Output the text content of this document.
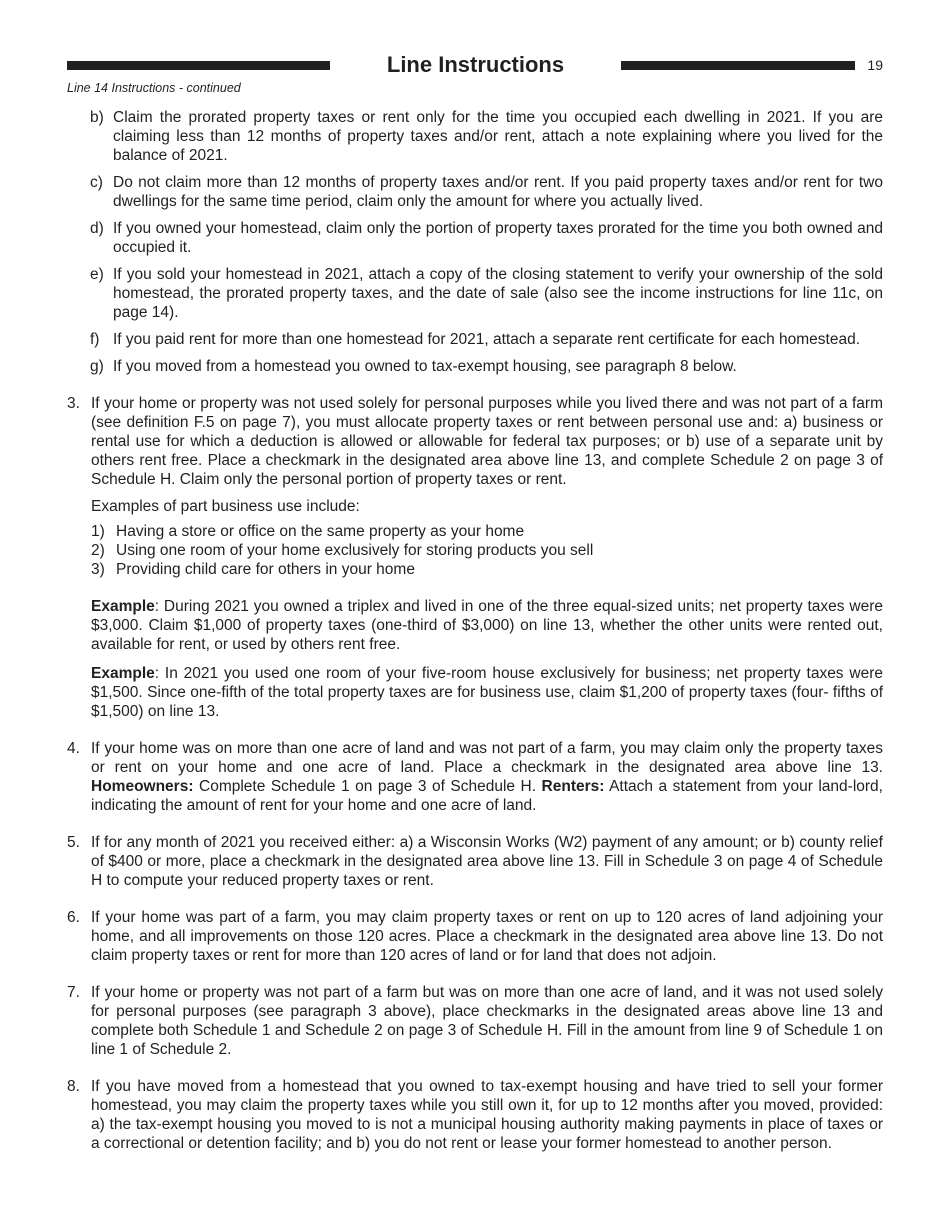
Line Instructions	19
Line 14 Instructions - continued
b) Claim the prorated property taxes or rent only for the time you occupied each dwelling in 2021. If you are claiming less than 12 months of property taxes and/or rent, attach a note explaining where you lived for the balance of 2021.
c) Do not claim more than 12 months of property taxes and/or rent. If you paid property taxes and/or rent for two dwellings for the same time period, claim only the amount for where you actually lived.
d) If you owned your homestead, claim only the portion of property taxes prorated for the time you both owned and occupied it.
e) If you sold your homestead in 2021, attach a copy of the closing statement to verify your ownership of the sold homestead, the prorated property taxes, and the date of sale (also see the income instructions for line 11c, on page 14).
f) If you paid rent for more than one homestead for 2021, attach a separate rent certificate for each homestead.
g) If you moved from a homestead you owned to tax-exempt housing, see paragraph 8 below.
3. If your home or property was not used solely for personal purposes while you lived there and was not part of a farm (see definition F.5 on page 7), you must allocate property taxes or rent between personal use and: a) business or rental use for which a deduction is allowed or allowable for federal tax purposes; or b) use of a separate unit by others rent free. Place a checkmark in the designated area above line 13, and complete Schedule 2 on page 3 of Schedule H. Claim only the personal portion of property taxes or rent.
Examples of part business use include:
1) Having a store or office on the same property as your home
2) Using one room of your home exclusively for storing products you sell
3) Providing child care for others in your home
Example: During 2021 you owned a triplex and lived in one of the three equal-sized units; net property taxes were $3,000. Claim $1,000 of property taxes (one-third of $3,000) on line 13, whether the other units were rented out, available for rent, or used by others rent free.
Example: In 2021 you used one room of your five-room house exclusively for business; net property taxes were $1,500. Since one-fifth of the total property taxes are for business use, claim $1,200 of property taxes (four- fifths of $1,500) on line 13.
4. If your home was on more than one acre of land and was not part of a farm, you may claim only the property taxes or rent on your home and one acre of land. Place a checkmark in the designated area above line 13. Homeowners: Complete Schedule 1 on page 3 of Schedule H. Renters: Attach a statement from your land-lord, indicating the amount of rent for your home and one acre of land.
5. If for any month of 2021 you received either: a) a Wisconsin Works (W2) payment of any amount; or b) county relief of $400 or more, place a checkmark in the designated area above line 13. Fill in Schedule 3 on page 4 of Schedule H to compute your reduced property taxes or rent.
6. If your home was part of a farm, you may claim property taxes or rent on up to 120 acres of land adjoining your home, and all improvements on those 120 acres. Place a checkmark in the designated area above line 13. Do not claim property taxes or rent for more than 120 acres of land or for land that does not adjoin.
7. If your home or property was not part of a farm but was on more than one acre of land, and it was not used solely for personal purposes (see paragraph 3 above), place checkmarks in the designated areas above line 13 and complete both Schedule 1 and Schedule 2 on page 3 of Schedule H. Fill in the amount from line 9 of Schedule 1 on line 1 of Schedule 2.
8. If you have moved from a homestead that you owned to tax-exempt housing and have tried to sell your former homestead, you may claim the property taxes while you still own it, for up to 12 months after you moved, provided: a) the tax-exempt housing you moved to is not a municipal housing authority making payments in place of taxes or a correctional or detention facility; and b) you do not rent or lease your former homestead to another person.
